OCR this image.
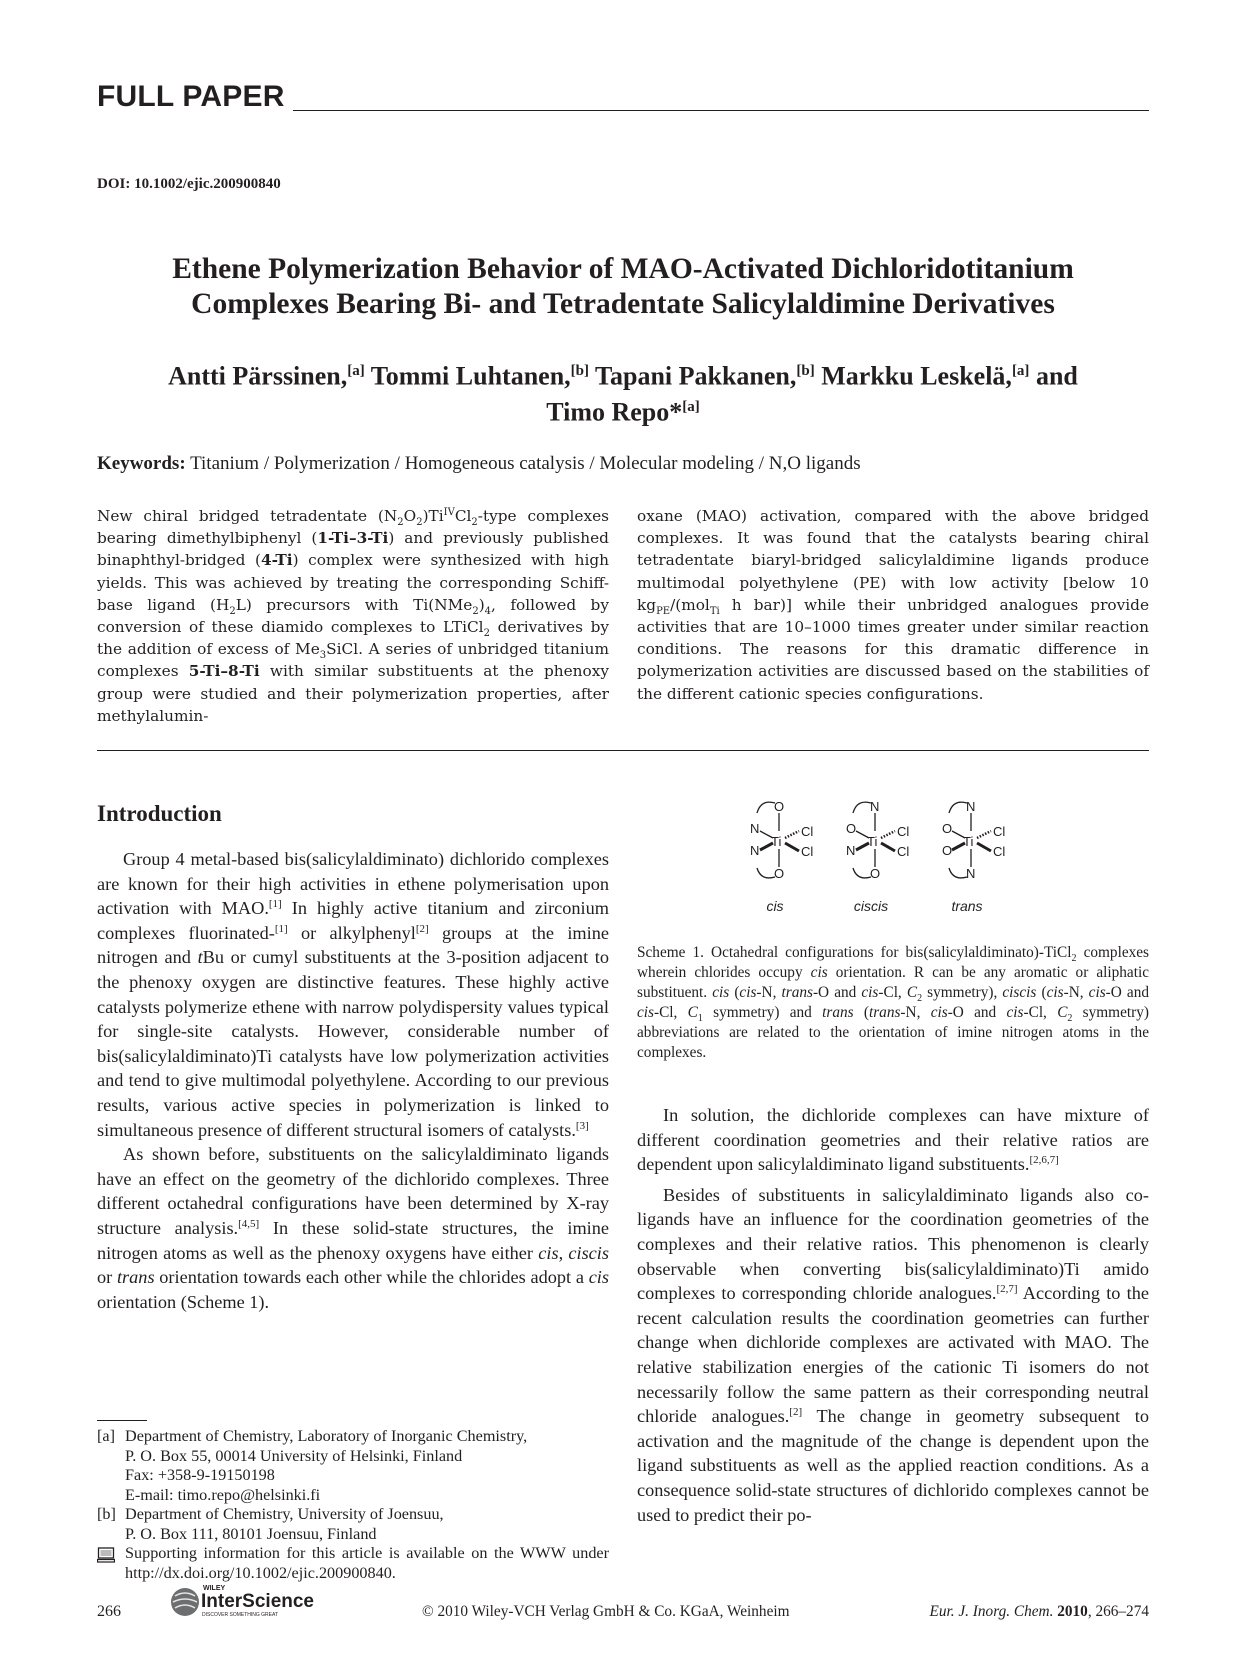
FULL PAPER
DOI: 10.1002/ejic.200900840
Ethene Polymerization Behavior of MAO-Activated Dichloridotitanium
Complexes Bearing Bi- and Tetradentate Salicylaldimine Derivatives
Antti Pärssinen,[a] Tommi Luhtanen,[b] Tapani Pakkanen,[b] Markku Leskelä,[a] and
Timo Repo*[a]
Keywords: Titanium / Polymerization / Homogeneous catalysis / Molecular modeling / N,O ligands
New chiral bridged tetradentate $(N_2O_2)Ti^{IV}Cl_2$-type complexes bearing dimethylbiphenyl (1-Ti–3-Ti) and previously published binaphthyl-bridged (4-Ti) complex were synthesized with high yields. This was achieved by treating the corresponding Schiff-base ligand $(H_2L)$ precursors with $Ti(NMe_2)_4$, followed by conversion of these diamido complexes to LTiCl$_2$ derivatives by the addition of excess of $Me_3SiCl$. A series of unbridged titanium complexes 5-Ti–8-Ti with similar substituents at the phenoxy group were studied and their polymerization properties, after methylalumin-
oxane (MAO) activation, compared with the above bridged complexes. It was found that the catalysts bearing chiral tetradentate biaryl-bridged salicylaldimine ligands produce multimodal polyethylene (PE) with low activity [below 10 $kg_{PE}/(mol_{Ti}$ h bar)] while their unbridged analogues provide activities that are 10–1000 times greater under similar reaction conditions. The reasons for this dramatic difference in polymerization activities are discussed based on the stabilities of the different cationic species configurations.
Introduction

Group 4 metal-based bis(salicylaldiminato) dichlorido complexes are known for their high activities in ethene polymerisation upon activation with MAO.[1] In highly active titanium and zirconium complexes fluorinated-[1] or alkylphenyl[2] groups at the imine nitrogen and tBu or cumyl substituents at the 3-position adjacent to the phenoxy oxygen are distinctive features. These highly active catalysts polymerize ethene with narrow polydispersity values typical for single-site catalysts. However, considerable number of bis(salicylaldiminato)Ti catalysts have low polymerization activities and tend to give multimodal polyethylene. According to our previous results, various active species in polymerization is linked to simultaneous presence of different structural isomers of catalysts.[3]

As shown before, substituents on the salicylaldiminato ligands have an effect on the geometry of the dichlorido complexes. Three different octahedral configurations have been determined by X-ray structure analysis.[4,5] In these solid-state structures, the imine nitrogen atoms as well as the phenoxy oxygens have either cis, ciscis or trans orientation towards each other while the chlorides adopt a cis orientation (Scheme 1).

O
N
Ti
Cl
N	Cl
O
cis
N
O
Ti
Cl
N	Cl
O
ciscis
N
O
Ti
Cl
O	Cl
N
trans
Scheme 1. Octahedral configurations for bis(salicylaldiminato)-TiCl$_2$ complexes wherein chlorides occupy cis orientation. R can be any aromatic or aliphatic substituent. cis (cis-N, trans-O and cis-Cl, $C_2$ symmetry), ciscis (cis-N, cis-O and cis-Cl, $C_1$ symmetry) and trans (trans-N, cis-O and cis-Cl, $C_2$ symmetry) abbreviations are related to the orientation of imine nitrogen atoms in the complexes.

In solution, the dichloride complexes can have mixture of different coordination geometries and their relative ratios are dependent upon salicylaldiminato ligand substituents.[2,6,7]

Besides of substituents in salicylaldiminato ligands also co-ligands have an influence for the coordination geometries of the complexes and their relative ratios. This phenomenon is clearly observable when converting bis(salicylaldiminato)Ti amido complexes to corresponding chloride analogues.[2,7] According to the recent calculation results the coordination geometries can further change when dichloride complexes are activated with MAO. The relative stabilization energies of the cationic Ti isomers do not necessarily follow the same pattern as their corresponding neutral chloride analogues.[2] The change in geometry subsequent to activation and the magnitude of the change is dependent upon the ligand substituents as well as the applied reaction conditions. As a consequence solid-state structures of dichlorido complexes cannot be used to predict their po-

[a] Department of Chemistry, Laboratory of Inorganic Chemistry,
P. O. Box 55, 00014 University of Helsinki, Finland
Fax: +358-9-19150198
E-mail: timo.repo@helsinki.fi
[b] Department of Chemistry, University of Joensuu,
P. O. Box 111, 80101 Joensuu, Finland
Supporting information for this article is available on the WWW under http://dx.doi.org/10.1002/ejic.200900840.
266
WILEY
InterScience
DISCOVER SOMETHING GREAT	© 2010 Wiley-VCH Verlag GmbH & Co. KGaA, Weinheim	Eur. J. Inorg. Chem. 2010, 266–274
